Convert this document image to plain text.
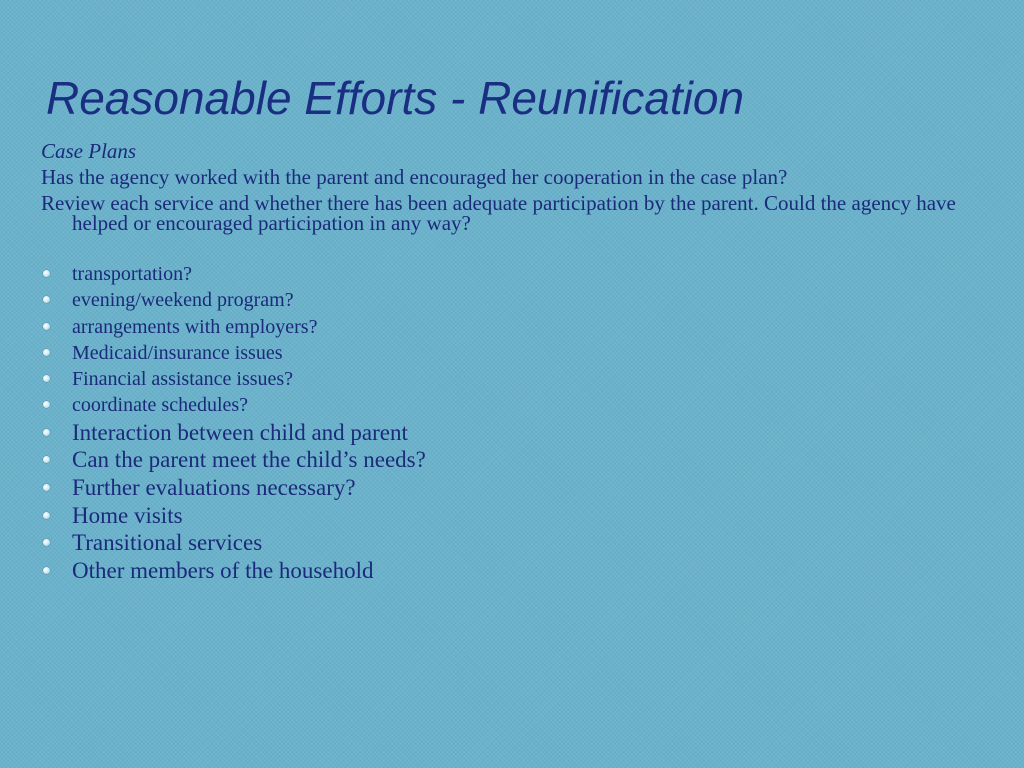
Reasonable Efforts - Reunification
Case Plans
Has the agency worked with the parent and encouraged her cooperation in the case plan?
Review each service and whether there has been adequate participation by the parent. Could the agency have helped or encouraged participation in any way?
transportation?
evening/weekend program?
arrangements with employers?
Medicaid/insurance issues
Financial assistance issues?
coordinate schedules?
Interaction between child and parent
Can the parent meet the child’s needs?
Further evaluations necessary?
Home visits
Transitional services
Other members of the household
